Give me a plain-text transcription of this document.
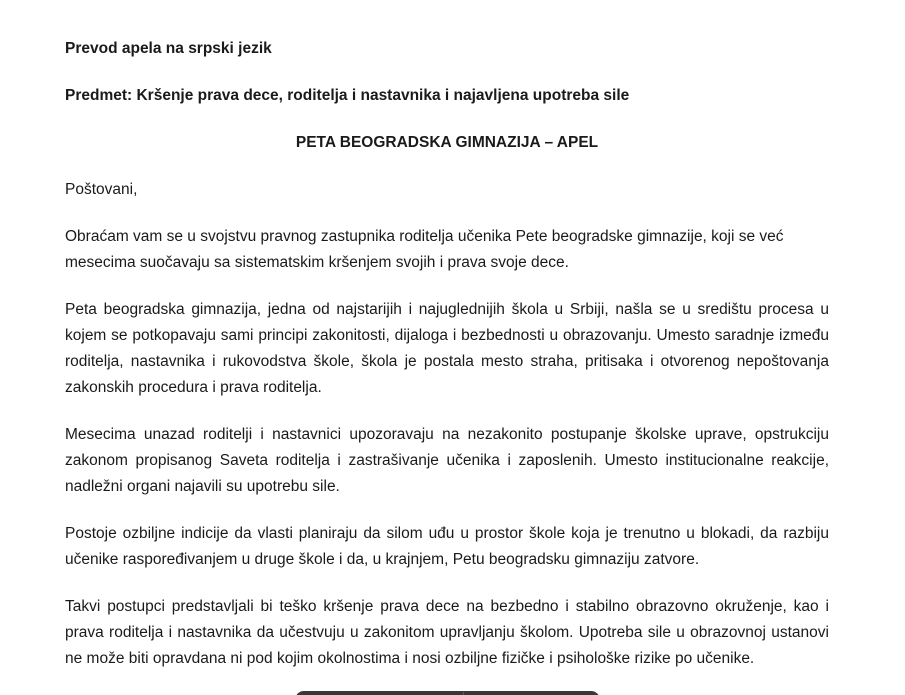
Prevod apela na srpski jezik

Predmet: Kršenje prava dece, roditelja i nastavnika i najavljena upotreba sile

PETA BEOGRADSKA GIMNAZIJA – APEL

Poštovani,

Obraćam vam se u svojstvu pravnog zastupnika roditelja učenika Pete beogradske gimnazije, koji se već mesecima suočavaju sa sistematskim kršenjem svojih i prava svoje dece.

Peta beogradska gimnazija, jedna od najstarijih i najuglednijih škola u Srbiji, našla se u središtu procesa u kojem se potkopavaju sami principi zakonitosti, dijaloga i bezbednosti u obrazovanju. Umesto saradnje između roditelja, nastavnika i rukovodstva škole, škola je postala mesto straha, pritisaka i otvorenog nepoštovanja zakonskih procedura i prava roditelja.

Mesecima unazad roditelji i nastavnici upozoravaju na nezakonito postupanje školske uprave, opstrukciju zakonom propisanog Saveta roditelja i zastrašivanje učenika i zaposlenih. Umesto institucionalne reakcije, nadležni organi najavili su upotrebu sile.

Postoje ozbiljne indicije da vlasti planiraju da silom uđu u prostor škole koja je trenutno u blokadi, da razbiju učenike raspoređivanjem u druge škole i da, u krajnjem, Petu beogradsku gimnaziju zatvore.

Takvi postupci predstavljali bi teško kršenje prava dece na bezbedno i stabilno obrazovno okruženje, kao i prava roditelja i nastavnika da učestvuju u zakonitom upravljanju školom. Upotreba sile u obrazovnoj ustanovi ne može biti opravdana ni pod kojim okolnostima i nosi ozbiljne fizičke i psihološke rizike po učenike.
